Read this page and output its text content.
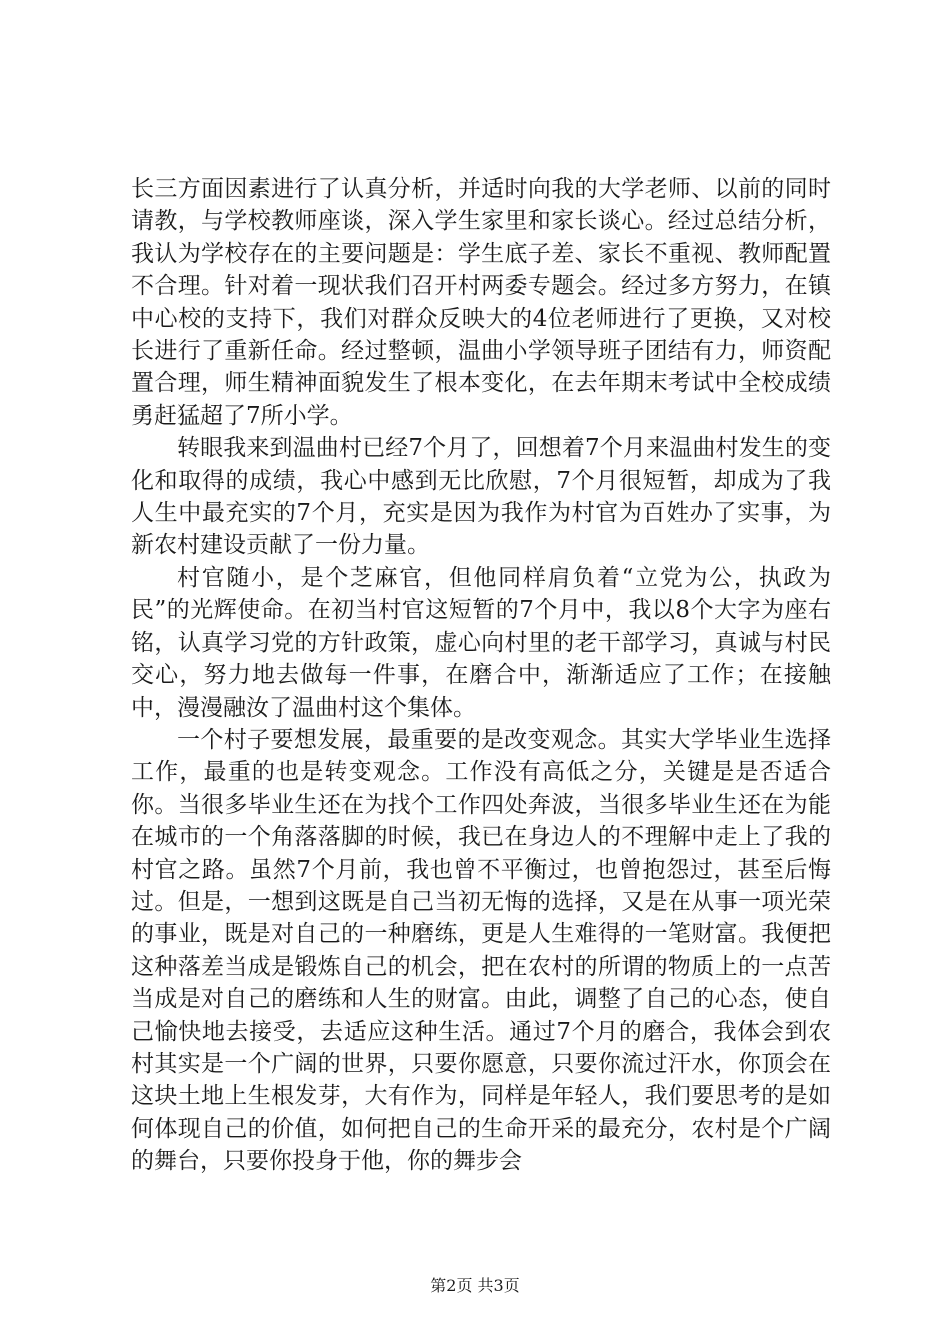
长三方面因素进行了认真分析，并适时向我的大学老师、以前的同时请教，与学校教师座谈，深入学生家里和家长谈心。经过总结分析，我认为学校存在的主要问题是：学生底子差、家长不重视、教师配置不合理。针对着一现状我们召开村两委专题会。经过多方努力，在镇中心校的支持下，我们对群众反映大的4位老师进行了更换，又对校长进行了重新任命。经过整顿，温曲小学领导班子团结有力，师资配置合理，师生精神面貌发生了根本变化，在去年期末考试中全校成绩勇赶猛超了7所小学。

转眼我来到温曲村已经7个月了，回想着7个月来温曲村发生的变化和取得的成绩，我心中感到无比欣慰，7个月很短暂，却成为了我人生中最充实的7个月，充实是因为我作为村官为百姓办了实事，为新农村建设贡献了一份力量。

村官随小，是个芝麻官，但他同样肩负着“立党为公，执政为民”的光辉使命。在初当村官这短暂的7个月中，我以8个大字为座右铭，认真学习党的方针政策，虚心向村里的老干部学习，真诚与村民交心，努力地去做每一件事，在磨合中，渐渐适应了工作；在接触中，漫漫融汝了温曲村这个集体。

一个村子要想发展，最重要的是改变观念。其实大学毕业生选择工作，最重的也是转变观念。工作没有高低之分，关键是是否适合你。当很多毕业生还在为找个工作四处奔波，当很多毕业生还在为能在城市的一个角落落脚的时候，我已在身边人的不理解中走上了我的村官之路。虽然7个月前，我也曾不平衡过，也曾抱怨过，甚至后悔过。但是，一想到这既是自己当初无悔的选择，又是在从事一项光荣的事业，既是对自己的一种磨练，更是人生难得的一笔财富。我便把这种落差当成是锻炼自己的机会，把在农村的所谓的物质上的一点苦当成是对自己的磨练和人生的财富。由此，调整了自己的心态，使自己愉快地去接受，去适应这种生活。通过7个月的磨合，我体会到农村其实是一个广阔的世界，只要你愿意，只要你流过汗水，你顶会在这块土地上生根发芽，大有作为，同样是年轻人，我们要思考的是如何体现自己的价值，如何把自己的生命开采的最充分，农村是个广阔的舞台，只要你投身于他，你的舞步会

第2页 共3页
